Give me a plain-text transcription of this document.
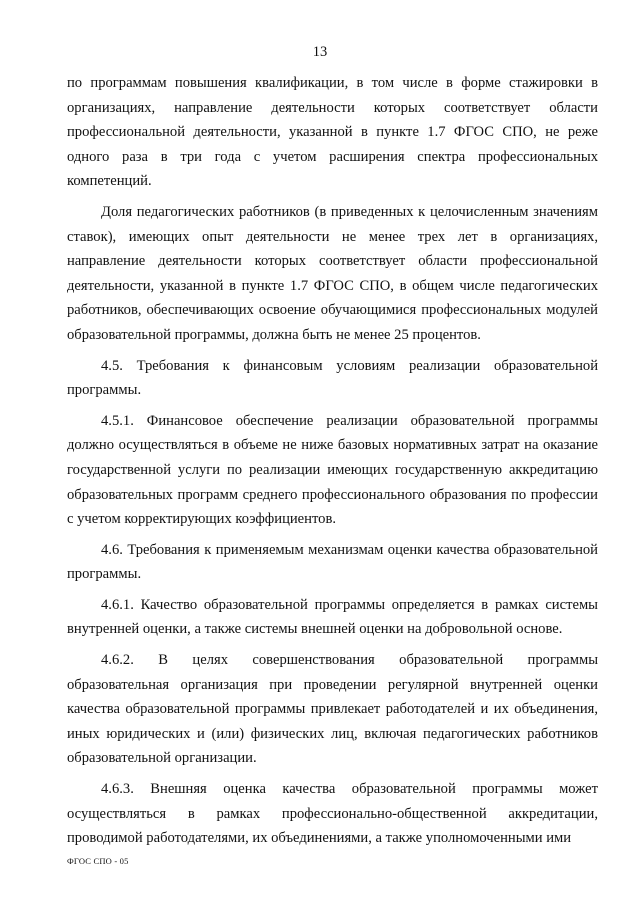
13

по программам повышения квалификации, в том числе в форме стажировки в организациях, направление деятельности которых соответствует области профессиональной деятельности, указанной в пункте 1.7 ФГОС СПО, не реже одного раза в три года с учетом расширения спектра профессиональных компетенций.

Доля педагогических работников (в приведенных к целочисленным значениям ставок), имеющих опыт деятельности не менее трех лет в организациях, направление деятельности которых соответствует области профессиональной деятельности, указанной в пункте 1.7 ФГОС СПО, в общем числе педагогических работников, обеспечивающих освоение обучающимися профессиональных модулей образовательной программы, должна быть не менее 25 процентов.

4.5. Требования к финансовым условиям реализации образовательной программы.

4.5.1. Финансовое обеспечение реализации образовательной программы должно осуществляться в объеме не ниже базовых нормативных затрат на оказание государственной услуги по реализации имеющих государственную аккредитацию образовательных программ среднего профессионального образования по профессии с учетом корректирующих коэффициентов.

4.6. Требования к применяемым механизмам оценки качества образовательной программы.

4.6.1. Качество образовательной программы определяется в рамках системы внутренней оценки, а также системы внешней оценки на добровольной основе.

4.6.2. В целях совершенствования образовательной программы образовательная организация при проведении регулярной внутренней оценки качества образовательной программы привлекает работодателей и их объединения, иных юридических и (или) физических лиц, включая педагогических работников образовательной организации.

4.6.3. Внешняя оценка качества образовательной программы может осуществляться в рамках профессионально-общественной аккредитации, проводимой работодателями, их объединениями, а также уполномоченными ими

ФГОС СПО - 05
